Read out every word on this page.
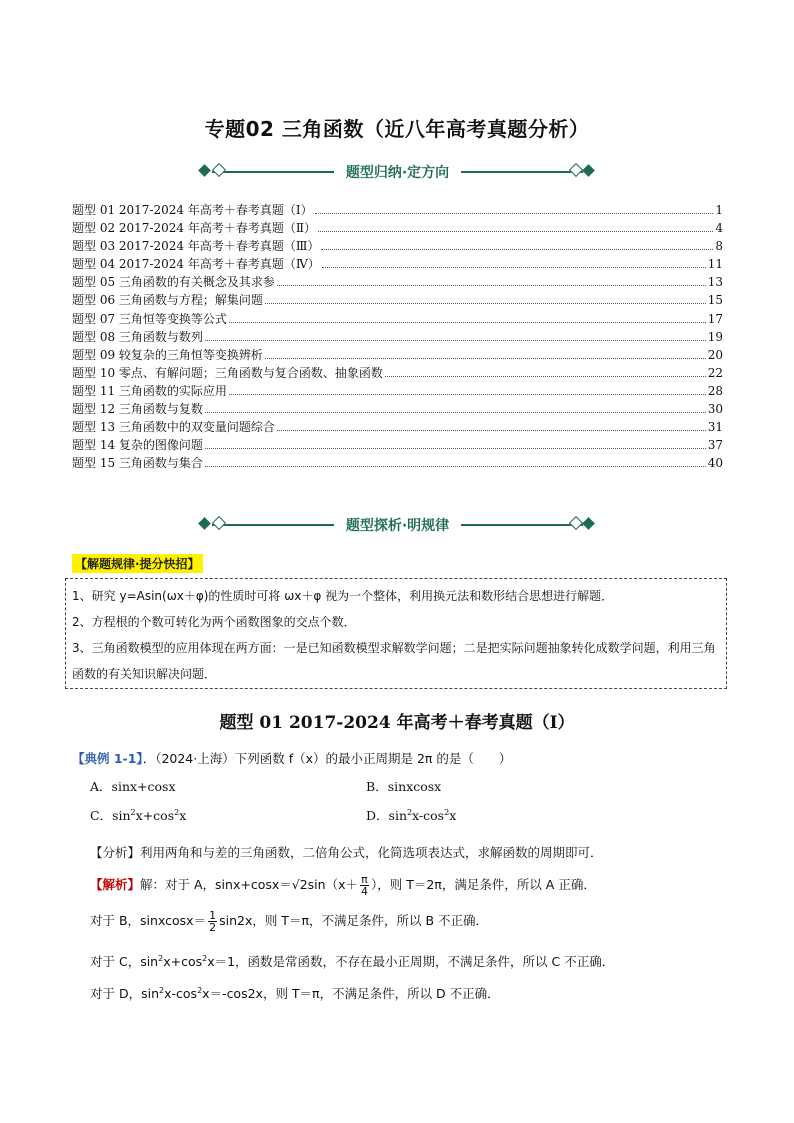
专题02 三角函数（近八年高考真题分析）
题型归纳·定方向
题型 01 2017-2024 年高考＋春考真题（Ⅰ）	1
题型 02 2017-2024 年高考＋春考真题（Ⅱ）	4
题型 03 2017-2024 年高考＋春考真题（Ⅲ）	8
题型 04 2017-2024 年高考＋春考真题（Ⅳ）	11
题型 05 三角函数的有关概念及其求参	13
题型 06 三角函数与方程；解集问题	15
题型 07 三角恒等变换等公式	17
题型 08 三角函数与数列	19
题型 09 较复杂的三角恒等变换辨析	20
题型 10 零点、有解问题；三角函数与复合函数、抽象函数	22
题型 11 三角函数的实际应用	28
题型 12 三角函数与复数	30
题型 13 三角函数中的双变量问题综合	31
题型 14 复杂的图像问题	37
题型 15 三角函数与集合	40
题型探析·明规律
【解题规律·提分快招】

1、研究 y=Asin(ωx＋φ)的性质时可将 ωx＋φ 视为一个整体，利用换元法和数形结合思想进行解题．

2、方程根的个数可转化为两个函数图象的交点个数．

3、三角函数模型的应用体现在两方面：一是已知函数模型求解数学问题；二是把实际问题抽象转化成数学问题，利用三角函数的有关知识解决问题．

题型 01 2017-2024 年高考＋春考真题（Ⅰ）
【典例 1-1】．（2024·上海）下列函数 f（x）的最小正周期是 2π 的是（　　）
A．sinx+cosx	B．sinxcosx
C．$\sin^2x+\cos^2x$	D．$\sin^2x-\cos^2x$
【分析】利用两角和与差的三角函数，二倍角公式，化简选项表达式，求解函数的周期即可．
【解析】解：对于 A，$\sin x+\cos x=√2\sin(x+ \frac{\pi}{4}$ ），则 T＝2π，满足条件，所以 A 正确．
对于 B，sinxcosx＝ $\frac{1}{2} \sin 2x$，则 T＝π，不满足条件，所以 B 不正确．
对于 C，$\sin^2x+\cos^2x=1$，函数是常函数，不存在最小正周期，不满足条件，所以 C 不正确．
对于 D，$\sin^2x-\cos^2x=-\cos 2x$，则 T＝π，不满足条件，所以 D 不正确．
